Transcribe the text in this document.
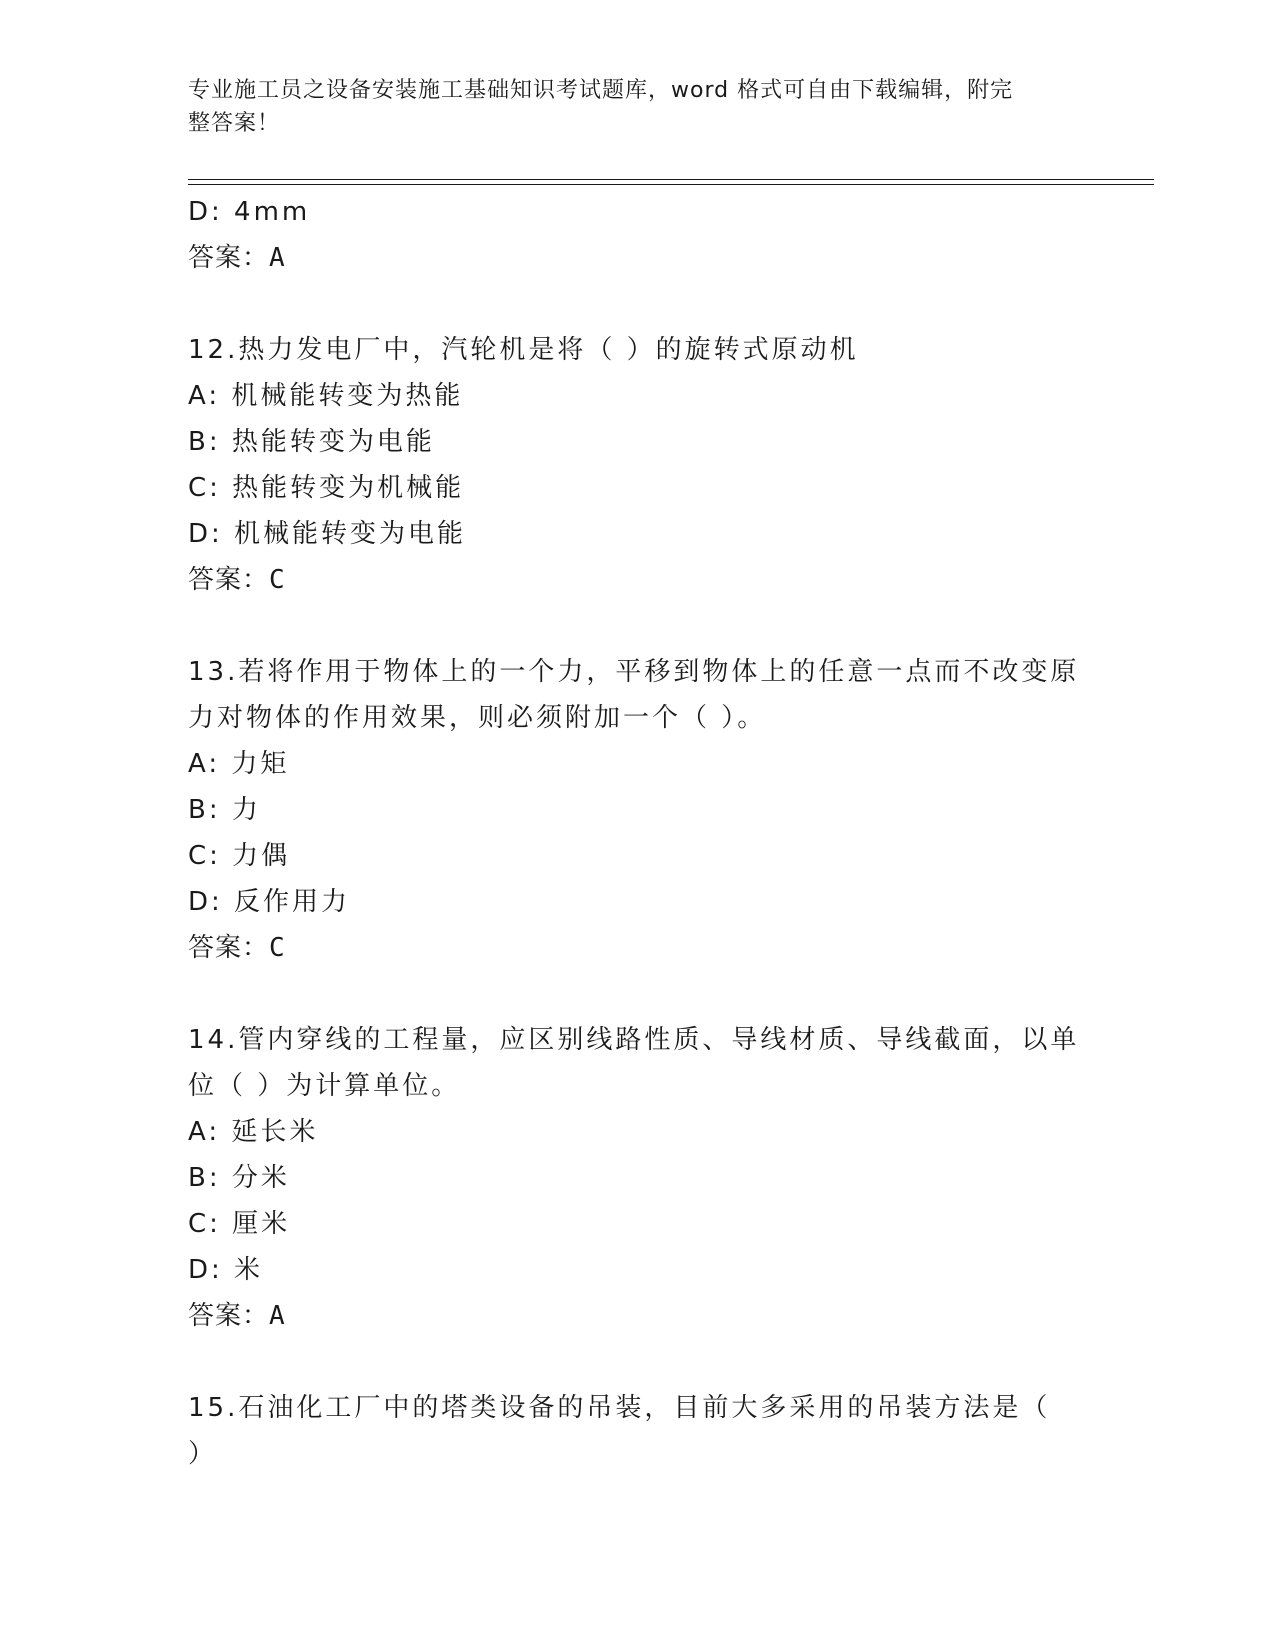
专业施工员之设备安装施工基础知识考试题库，word 格式可自由下载编辑，附完
整答案！
D: 4mm
答案：A
12.热力发电厂中，汽轮机是将（ ）的旋转式原动机
A: 机械能转变为热能
B: 热能转变为电能
C: 热能转变为机械能
D: 机械能转变为电能
答案：C
13.若将作用于物体上的一个力，平移到物体上的任意一点而不改变原
力对物体的作用效果，则必须附加一个（ ）。
A: 力矩
B: 力
C: 力偶
D: 反作用力
答案：C
14.管内穿线的工程量，应区别线路性质、导线材质、导线截面，以单
位（ ）为计算单位。
A: 延长米
B: 分米
C: 厘米
D: 米
答案：A
15.石油化工厂中的塔类设备的吊装，目前大多采用的吊装方法是（
）
